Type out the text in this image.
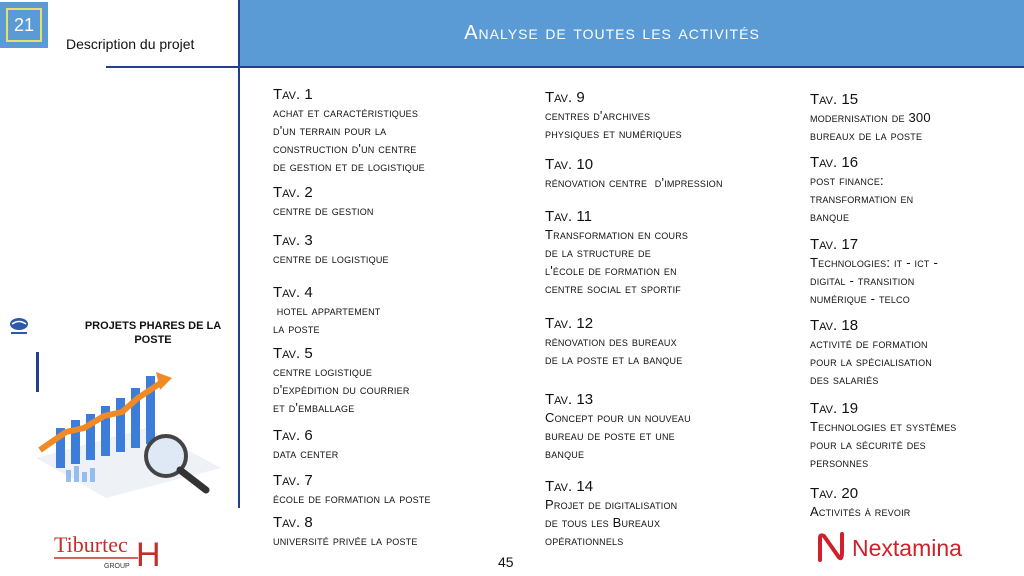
21
Description du projet	Analyse de toutes les activités
PROJETS PHARES DE LA POSTE
Tav. 1
achat et caractéristiques
d'un terrain pour la
construction d'un centre
de gestion et de logistique
Tav. 2
centre de gestion
Tav. 3
centre de logistique
Tav. 4
hotel appartement
la poste
Tav. 5
centre logistique
d'expèdition du courrier
et d'emballage
Tav. 6
data center
Tav. 7
école de formation la poste
Tav. 8
université privée la poste
Tav. 9
centres d'archives
physiques et numériques
Tav. 10
rénovation centre  d'impression
Tav. 11
Transformation en cours
de la structure de
l'école de formation en
centre social et sportif
Tav. 12
rénovation des bureaux
de la poste et la banque
Tav. 13
Concept pour un nouveau
bureau de poste et une
banque
Tav. 14
Projet de digitalisation
de tous les Bureaux
opérationnels
Tav. 15
modernisation de 300
bureaux de la poste
Tav. 16
post finance:
transformation en
banque
Tav. 17
Technologies: it - ict -
digital - transition
numérique - telco
Tav. 18
activité de formation
pour la spécialisation
des salariés
Tav. 19
Technologies et systèmes
pour la sécurité des
personnes
Tav. 20
Activités à revoir
45
Tiburtec H
GROUP
Nextamina
